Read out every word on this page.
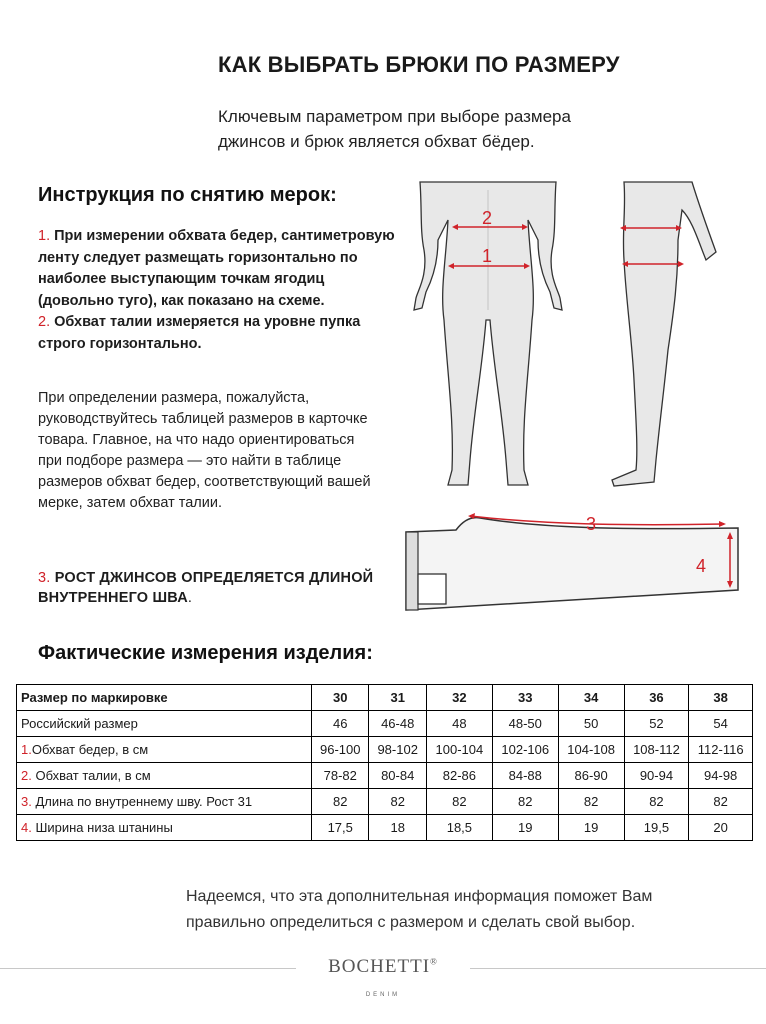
КАК ВЫБРАТЬ БРЮКИ ПО РАЗМЕРУ
Ключевым параметром при выборе размера
джинсов и брюк является обхват бёдер.
Инструкция по снятию мерок:
1. При измерении обхвата бедер, сантиметровую ленту следует размещать горизонтально по наиболее выступающим точкам ягодиц (довольно туго), как показано на схеме.
2. Обхват талии измеряется на уровне пупка строго горизонтально.
При определении размера, пожалуйста, руководствуйтесь таблицей размеров в карточке товара. Главное, на что надо ориентироваться при подборе размера — это найти в таблице размеров обхват бедер, соответствующий вашей мерке, затем обхват талии.
3. РОСТ ДЖИНСОВ ОПРЕДЕЛЯЕТСЯ ДЛИНОЙ ВНУТРЕННЕГО ШВА.
2
1
3
4
Фактические измерения изделия:
Размер по маркировке	30	31	32	33	34	36	38
Российский размер	46	46-48	48	48-50	50	52	54
1.Обхват бедер, в см	96-100	98-102	100-104	102-106	104-108	108-112	112-116
2. Обхват талии, в см	78-82	80-84	82-86	84-88	86-90	90-94	94-98
3. Длина по внутреннему шву. Рост 31	82	82	82	82	82	82	82
4. Ширина низа штанины	17,5	18	18,5	19	19	19,5	20
Надеемся, что эта дополнительная информация поможет Вам
правильно определиться с размером и сделать свой выбор.
BOCHETTI®
DENIM
